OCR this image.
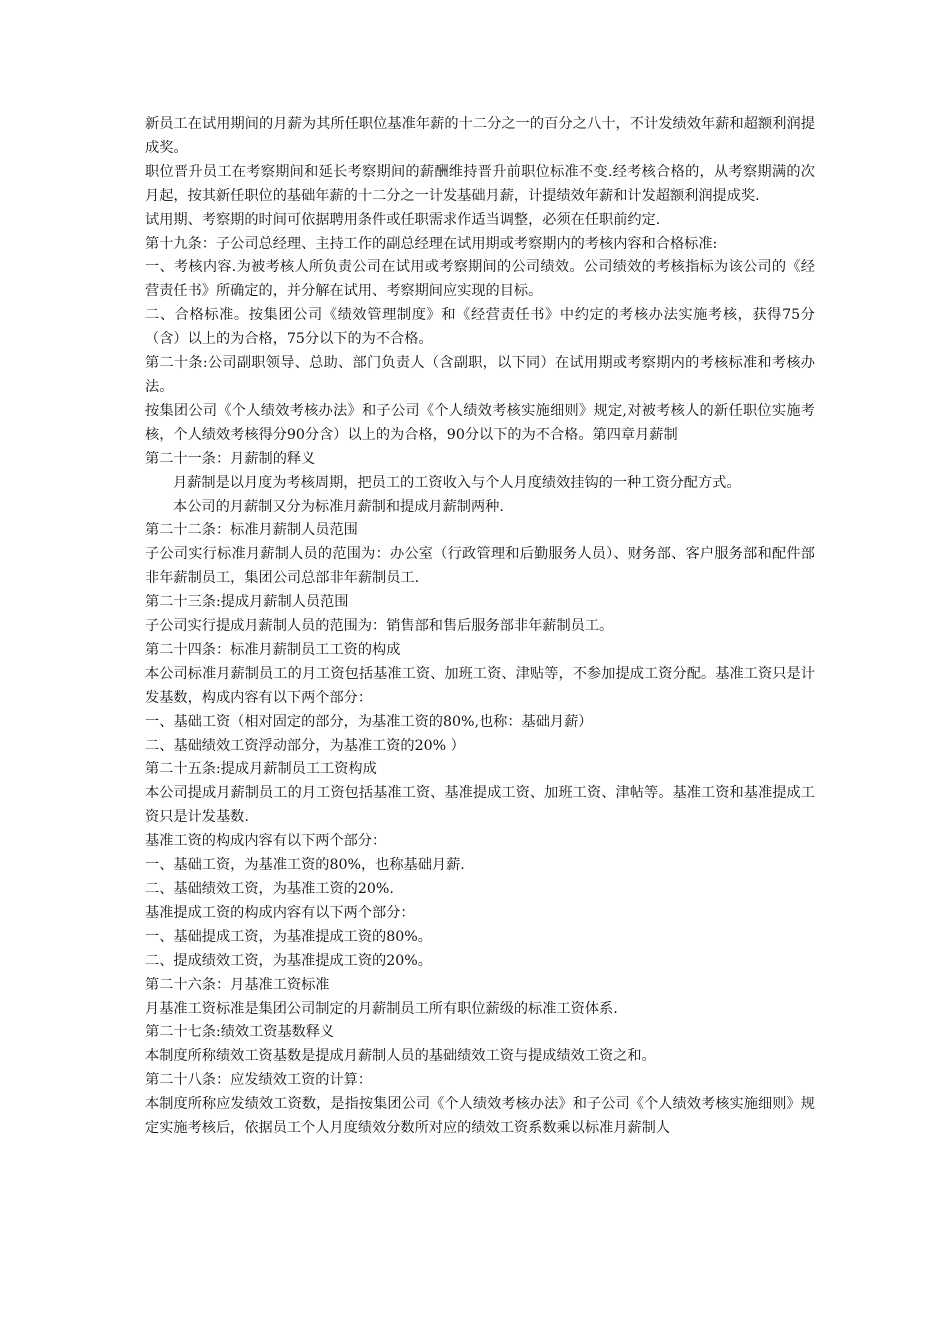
新员工在试用期间的月薪为其所任职位基准年薪的十二分之一的百分之八十，不计发绩效年薪和超额利润提成奖。

职位晋升员工在考察期间和延长考察期间的薪酬维持晋升前职位标准不变.经考核合格的，从考察期满的次月起，按其新任职位的基础年薪的十二分之一计发基础月薪，计提绩效年薪和计发超额利润提成奖.

试用期、考察期的时间可依据聘用条件或任职需求作适当调整，必须在任职前约定.

第十九条：子公司总经理、主持工作的副总经理在试用期或考察期内的考核内容和合格标准:

一、考核内容.为被考核人所负责公司在试用或考察期间的公司绩效。公司绩效的考核指标为该公司的《经营责任书》所确定的，并分解在试用、考察期间应实现的目标。

二、合格标准。按集团公司《绩效管理制度》和《经营责任书》中约定的考核办法实施考核，获得75分（含）以上的为合格，75分以下的为不合格。

第二十条:公司副职领导、总助、部门负责人（含副职，以下同）在试用期或考察期内的考核标准和考核办法。

按集团公司《个人绩效考核办法》和子公司《个人绩效考核实施细则》规定,对被考核人的新任职位实施考核，个人绩效考核得分90分含）以上的为合格，90分以下的为不合格。第四章月薪制

第二十一条：月薪制的释义

月薪制是以月度为考核周期，把员工的工资收入与个人月度绩效挂钩的一种工资分配方式。

本公司的月薪制又分为标准月薪制和提成月薪制两种.

第二十二条：标准月薪制人员范围

子公司实行标准月薪制人员的范围为：办公室（行政管理和后勤服务人员）、财务部、客户服务部和配件部非年薪制员工，集团公司总部非年薪制员工.

第二十三条:提成月薪制人员范围

子公司实行提成月薪制人员的范围为：销售部和售后服务部非年薪制员工。

第二十四条：标准月薪制员工工资的构成

本公司标准月薪制员工的月工资包括基准工资、加班工资、津贴等，不参加提成工资分配。基准工资只是计发基数，构成内容有以下两个部分：

一、基础工资（相对固定的部分，为基准工资的80%,也称：基础月薪）

二、基础绩效工资浮动部分，为基准工资的20% ）

第二十五条:提成月薪制员工工资构成

本公司提成月薪制员工的月工资包括基准工资、基准提成工资、加班工资、津帖等。基准工资和基准提成工资只是计发基数.

基准工资的构成内容有以下两个部分：

一、基础工资，为基准工资的80%，也称基础月薪.

二、基础绩效工资，为基准工资的20%.

基准提成工资的构成内容有以下两个部分：

一、基础提成工资，为基准提成工资的80%。

二、提成绩效工资，为基准提成工资的20%。

第二十六条：月基准工资标准

月基准工资标准是集团公司制定的月薪制员工所有职位薪级的标准工资体系.

第二十七条:绩效工资基数释义

本制度所称绩效工资基数是提成月薪制人员的基础绩效工资与提成绩效工资之和。

第二十八条：应发绩效工资的计算：

本制度所称应发绩效工资数，是指按集团公司《个人绩效考核办法》和子公司《个人绩效考核实施细则》规定实施考核后，依据员工个人月度绩效分数所对应的绩效工资系数乘以标准月薪制人
